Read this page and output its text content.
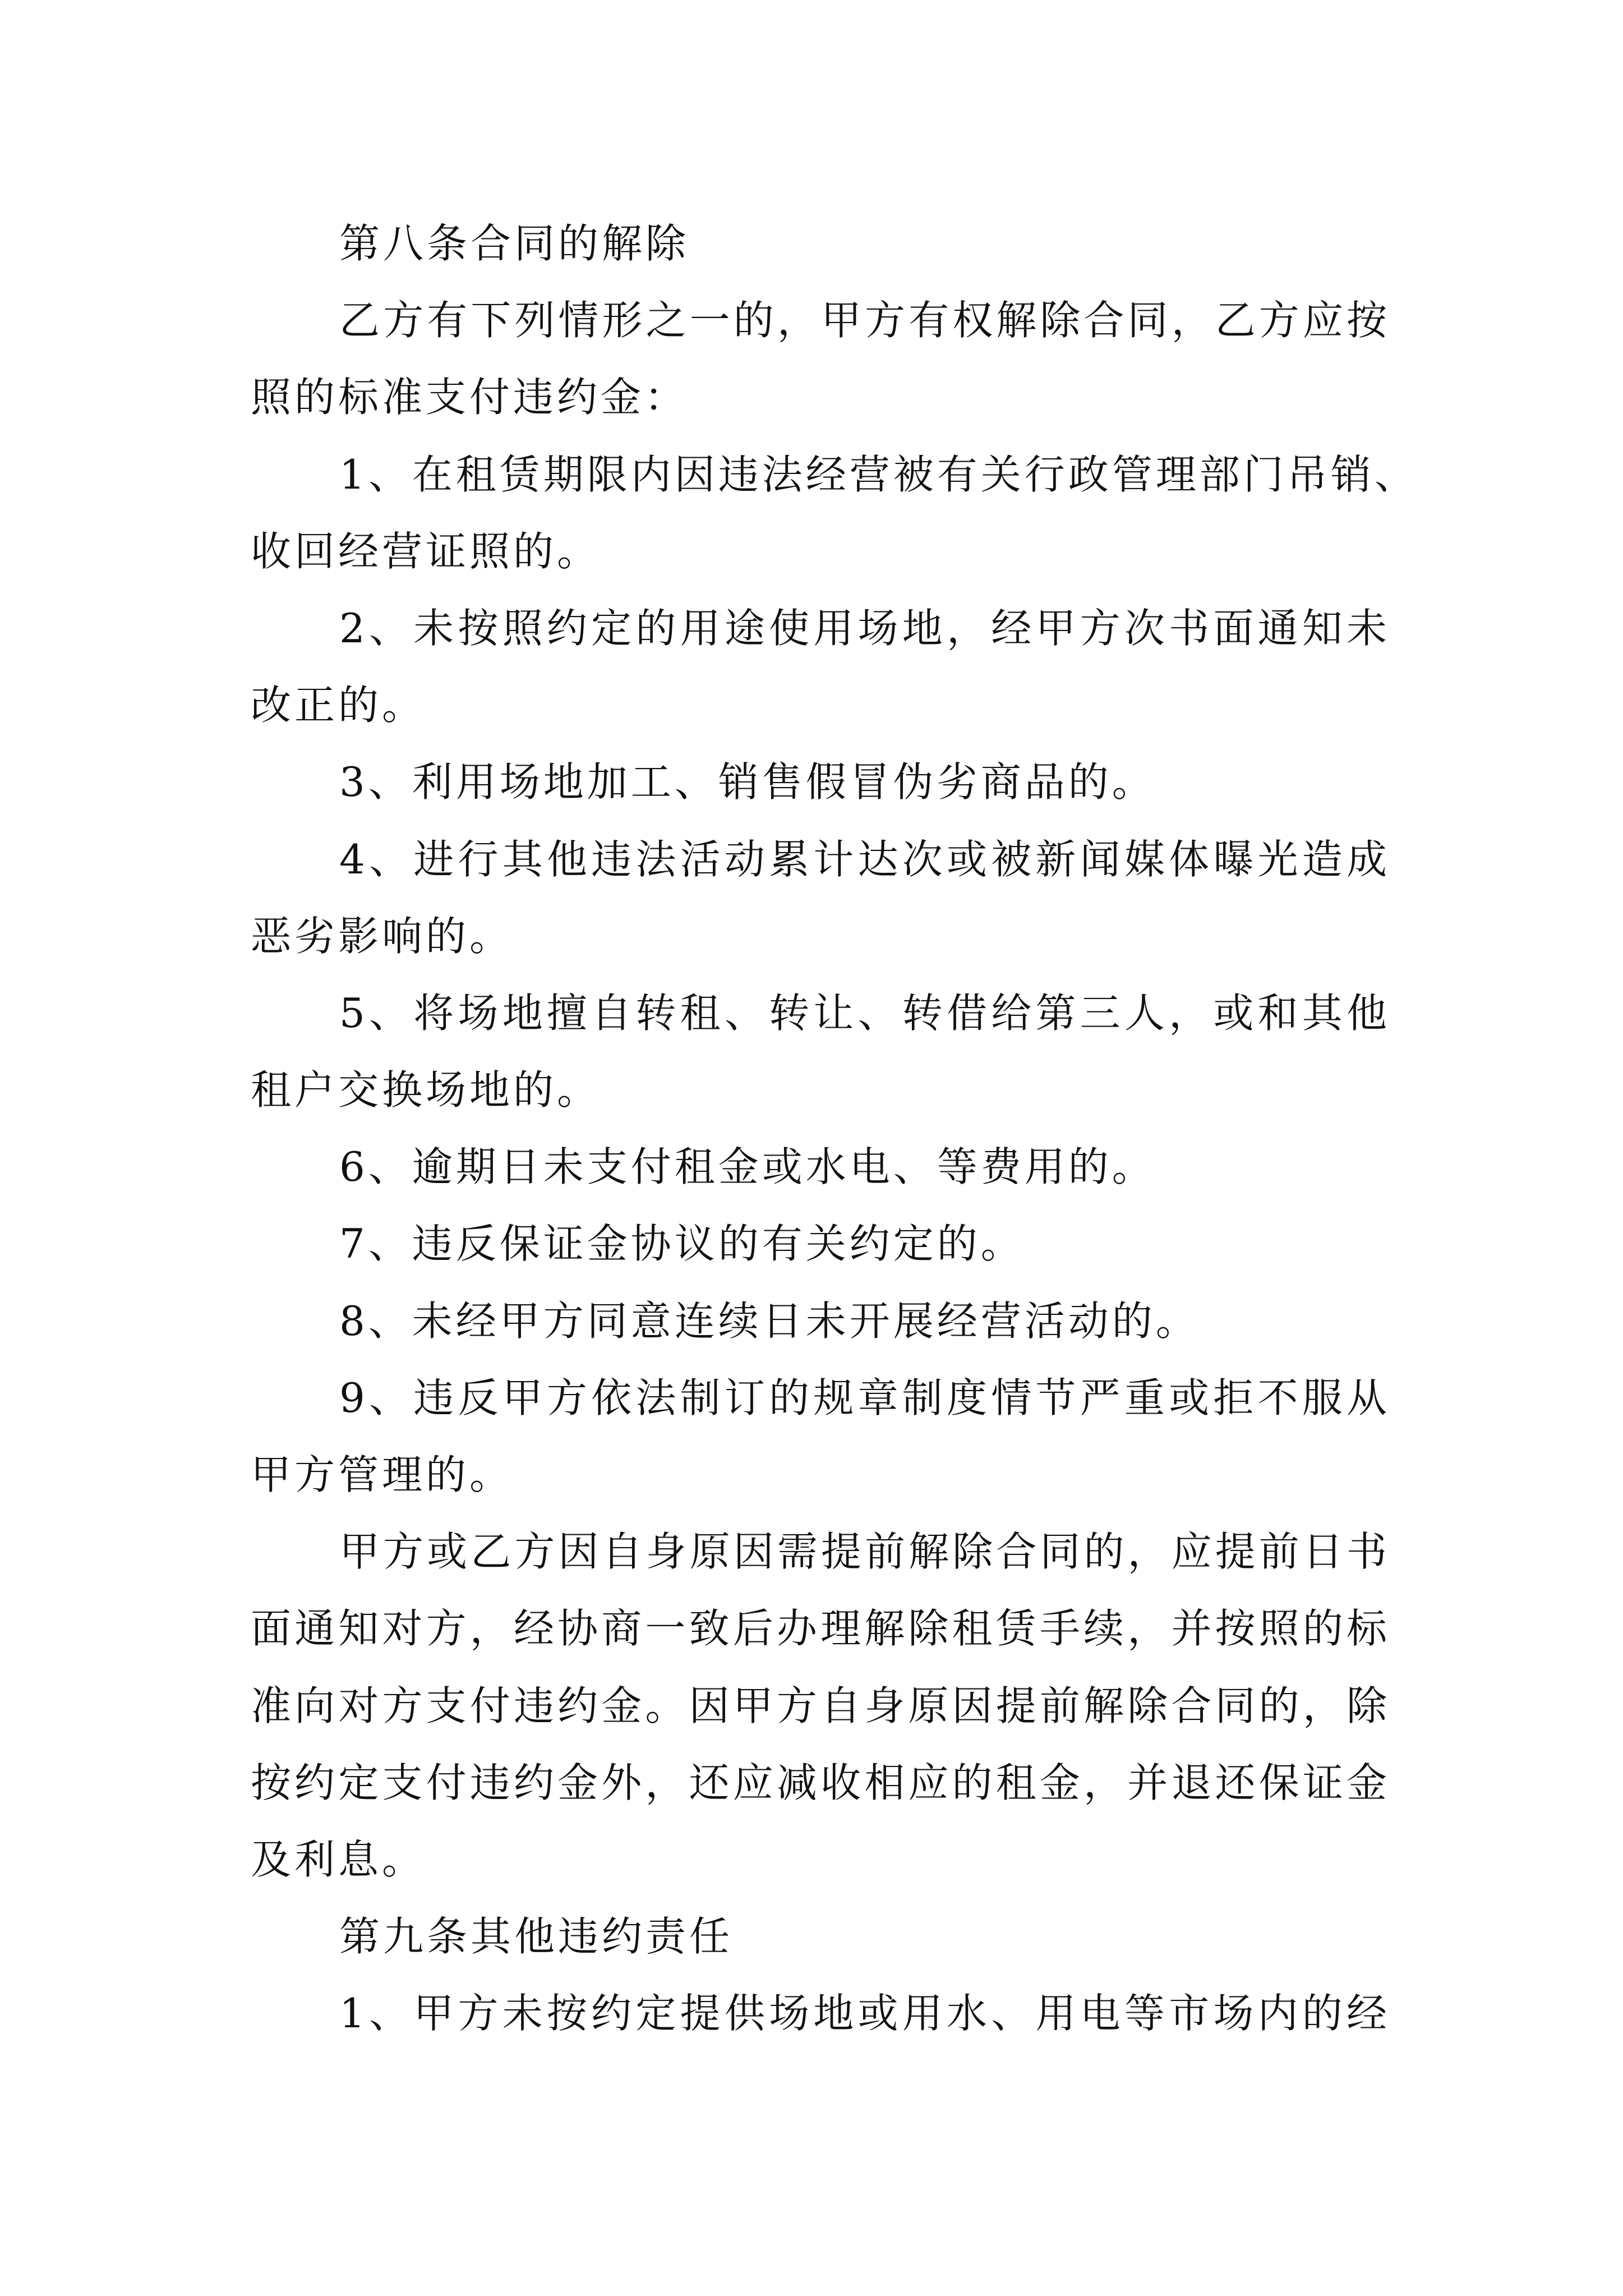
第八条合同的解除
乙方有下列情形之一的，甲方有权解除合同，乙方应按
照的标准支付违约金：
1、在租赁期限内因违法经营被有关行政管理部门吊销、
收回经营证照的。
2、未按照约定的用途使用场地，经甲方次书面通知未
改正的。
3、利用场地加工、销售假冒伪劣商品的。
4、进行其他违法活动累计达次或被新闻媒体曝光造成
恶劣影响的。
5、将场地擅自转租、转让、转借给第三人，或和其他
租户交换场地的。
6、逾期日未支付租金或水电、等费用的。
7、违反保证金协议的有关约定的。
8、未经甲方同意连续日未开展经营活动的。
9、违反甲方依法制订的规章制度情节严重或拒不服从
甲方管理的。
甲方或乙方因自身原因需提前解除合同的，应提前日书
面通知对方，经协商一致后办理解除租赁手续，并按照的标
准向对方支付违约金。因甲方自身原因提前解除合同的，除
按约定支付违约金外，还应减收相应的租金，并退还保证金
及利息。
第九条其他违约责任
1、甲方未按约定提供场地或用水、用电等市场内的经
